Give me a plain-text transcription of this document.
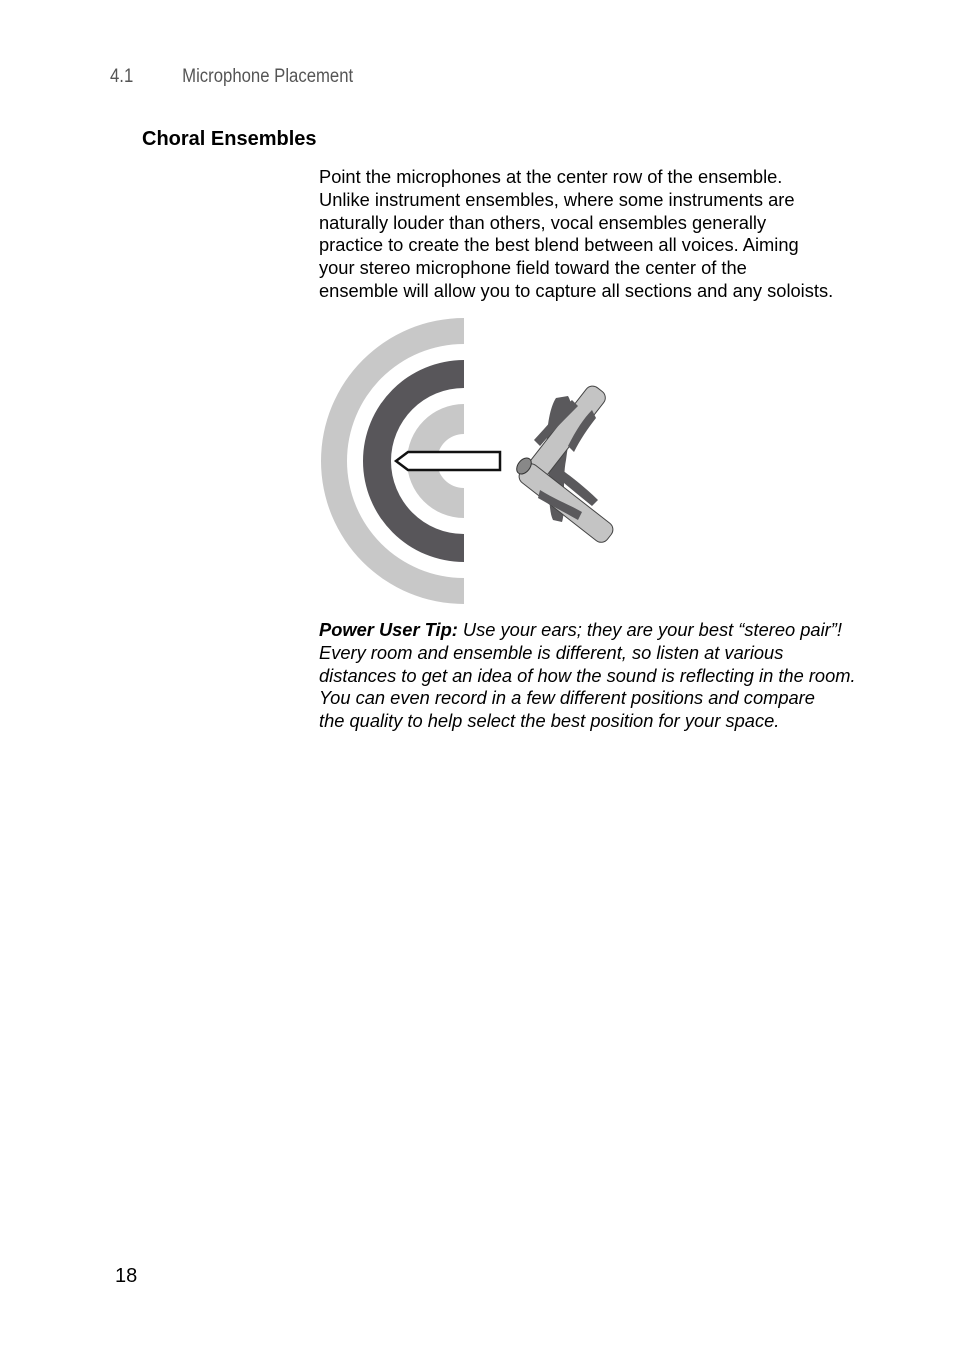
4.1	Microphone Placement
Choral Ensembles
Point the microphones at the center row of the ensemble.
Unlike instrument ensembles, where some instruments are
naturally louder than others, vocal ensembles generally
practice to create the best blend between all voices. Aiming
your stereo microphone field toward the center of the
ensemble will allow you to capture all sections and any soloists.
Power User Tip: Use your ears; they are your best “stereo pair”!
Every room and ensemble is different, so listen at various
distances to get an idea of how the sound is reflecting in the room.
You can even record in a few different positions and compare
the quality to help select the best position for your space.
18
